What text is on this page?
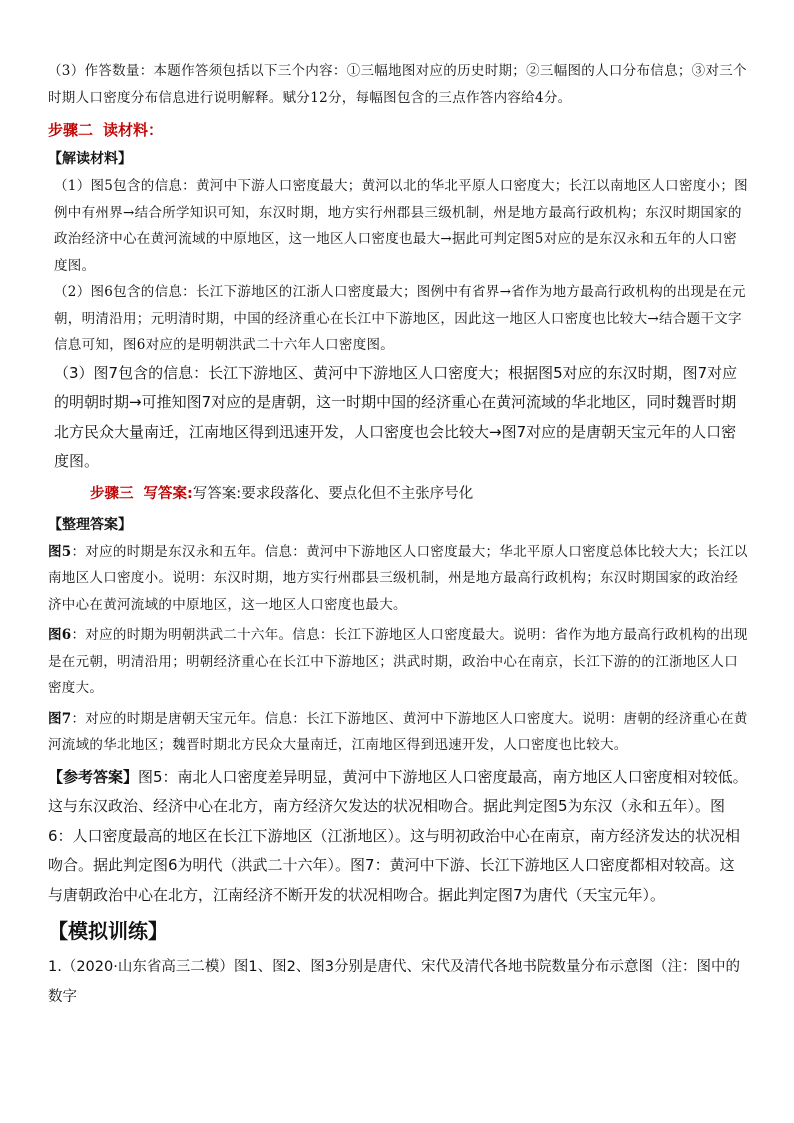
（3）作答数量：本题作答须包括以下三个内容：①三幅地图对应的历史时期；②三幅图的人口分布信息；③对三个时期人口密度分布信息进行说明解释。赋分12分，每幅图包含的三点作答内容给4分。

步骤二 读材料：

【解读材料】

（1）图5包含的信息：黄河中下游人口密度最大；黄河以北的华北平原人口密度大；长江以南地区人口密度小；图例中有州界→结合所学知识可知，东汉时期，地方实行州郡县三级机制，州是地方最高行政机构；东汉时期国家的政治经济中心在黄河流域的中原地区，这一地区人口密度也最大→据此可判定图5对应的是东汉永和五年的人口密度图。

（2）图6包含的信息：长江下游地区的江浙人口密度最大；图例中有省界→省作为地方最高行政机构的出现是在元朝，明清沿用；元明清时期，中国的经济重心在长江中下游地区，因此这一地区人口密度也比较大→结合题干文字信息可知，图6对应的是明朝洪武二十六年人口密度图。

（3）图7包含的信息：长江下游地区、黄河中下游地区人口密度大；根据图5对应的东汉时期，图7对应的明朝时期→可推知图7对应的是唐朝，这一时期中国的经济重心在黄河流域的华北地区，同时魏晋时期北方民众大量南迁，江南地区得到迅速开发，人口密度也会比较大→图7对应的是唐朝天宝元年的人口密度图。

步骤三 写答案:写答案:要求段落化、要点化但不主张序号化

【整理答案】

图5：对应的时期是东汉永和五年。信息：黄河中下游地区人口密度最大；华北平原人口密度总体比较大大；长江以南地区人口密度小。说明：东汉时期，地方实行州郡县三级机制，州是地方最高行政机构；东汉时期国家的政治经济中心在黄河流域的中原地区，这一地区人口密度也最大。

图6：对应的时期为明朝洪武二十六年。信息：长江下游地区人口密度最大。说明：省作为地方最高行政机构的出现是在元朝，明清沿用；明朝经济重心在长江中下游地区；洪武时期，政治中心在南京，长江下游的的江浙地区人口密度大。

图7：对应的时期是唐朝天宝元年。信息：长江下游地区、黄河中下游地区人口密度大。说明：唐朝的经济重心在黄河流域的华北地区；魏晋时期北方民众大量南迁，江南地区得到迅速开发，人口密度也比较大。

【参考答案】图5：南北人口密度差异明显，黄河中下游地区人口密度最高，南方地区人口密度相对较低。这与东汉政治、经济中心在北方，南方经济欠发达的状况相吻合。据此判定图5为东汉（永和五年）。图6：人口密度最高的地区在长江下游地区（江浙地区）。这与明初政治中心在南京，南方经济发达的状况相吻合。据此判定图6为明代（洪武二十六年）。图7：黄河中下游、长江下游地区人口密度都相对较高。这与唐朝政治中心在北方，江南经济不断开发的状况相吻合。据此判定图7为唐代（天宝元年）。

【模拟训练】

1.（2020·山东省高三二模）图1、图2、图3分别是唐代、宋代及清代各地书院数量分布示意图（注：图中的数字
